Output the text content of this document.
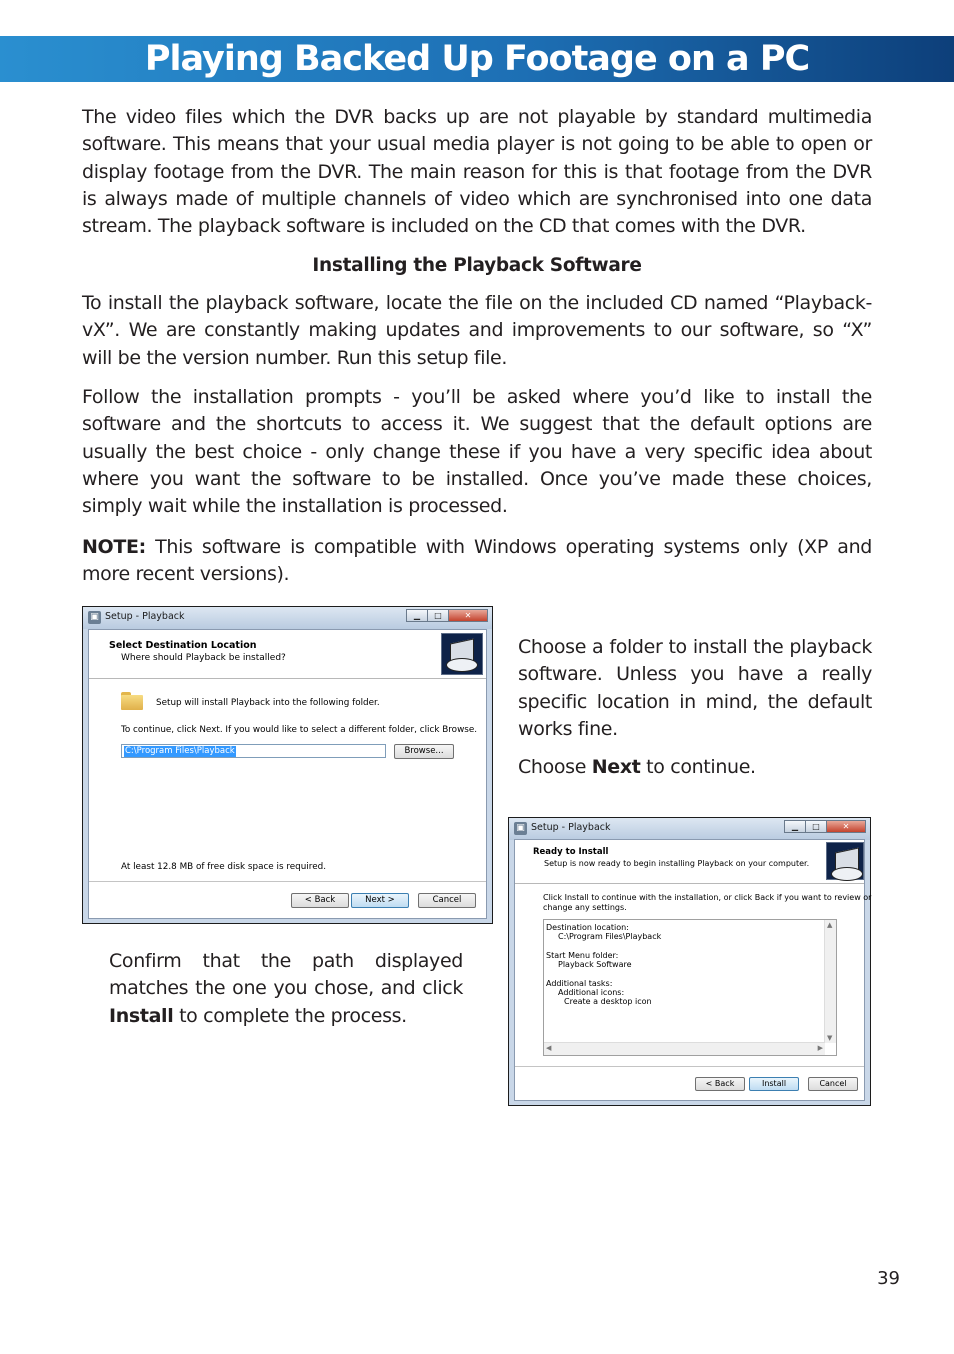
Playing Backed Up Footage on a PC

The video files which the DVR backs up are not playable by standard multimedia software. This means that your usual media player is not going to be able to open or display footage from the DVR. The main reason for this is that footage from the DVR is always made of multiple channels of video which are synchronised into one data stream. The playback software is included on the CD that comes with the DVR.

Installing the Playback Software

To install the playback software, locate the file on the included CD named “Playback-vX”. We are constantly making updates and improvements to our software, so “X” will be the version number. Run this setup file.

Follow the installation prompts - you’ll be asked where you’d like to install the software and the shortcuts to access it. We suggest that the default options are usually the best choice - only change these if you have a very specific idea about where you want the software to be installed. Once you’ve made these choices, simply wait while the installation is processed.

NOTE: This software is compatible with Windows operating systems only (XP and more recent versions).

▣ Setup - Playback	▁	□	✕
Select Destination Location
Where should Playback be installed?
Setup will install Playback into the following folder.
To continue, click Next. If you would like to select a different folder, click Browse.
C:\Program Files\Playback	Browse...
At least 12.8 MB of free disk space is required.
< Back	Next >	Cancel

Choose a folder to install the playback software. Unless you have a really specific location in mind, the default works fine.

Choose Next to continue.

▣ Setup - Playback	▁	□	✕
Ready to Install
Setup is now ready to begin installing Playback on your computer.
Click Install to continue with the installation, or click Back if you want to review or
change any settings.
Destination location:
C:\Program Files\Playback
Start Menu folder:
Playback Software
Additional tasks:
Additional icons:
Create a desktop icon
▲
▼
◀	▶
< Back	Install	Cancel

Confirm that the path displayed matches the one you chose, and click Install to complete the process.

39
